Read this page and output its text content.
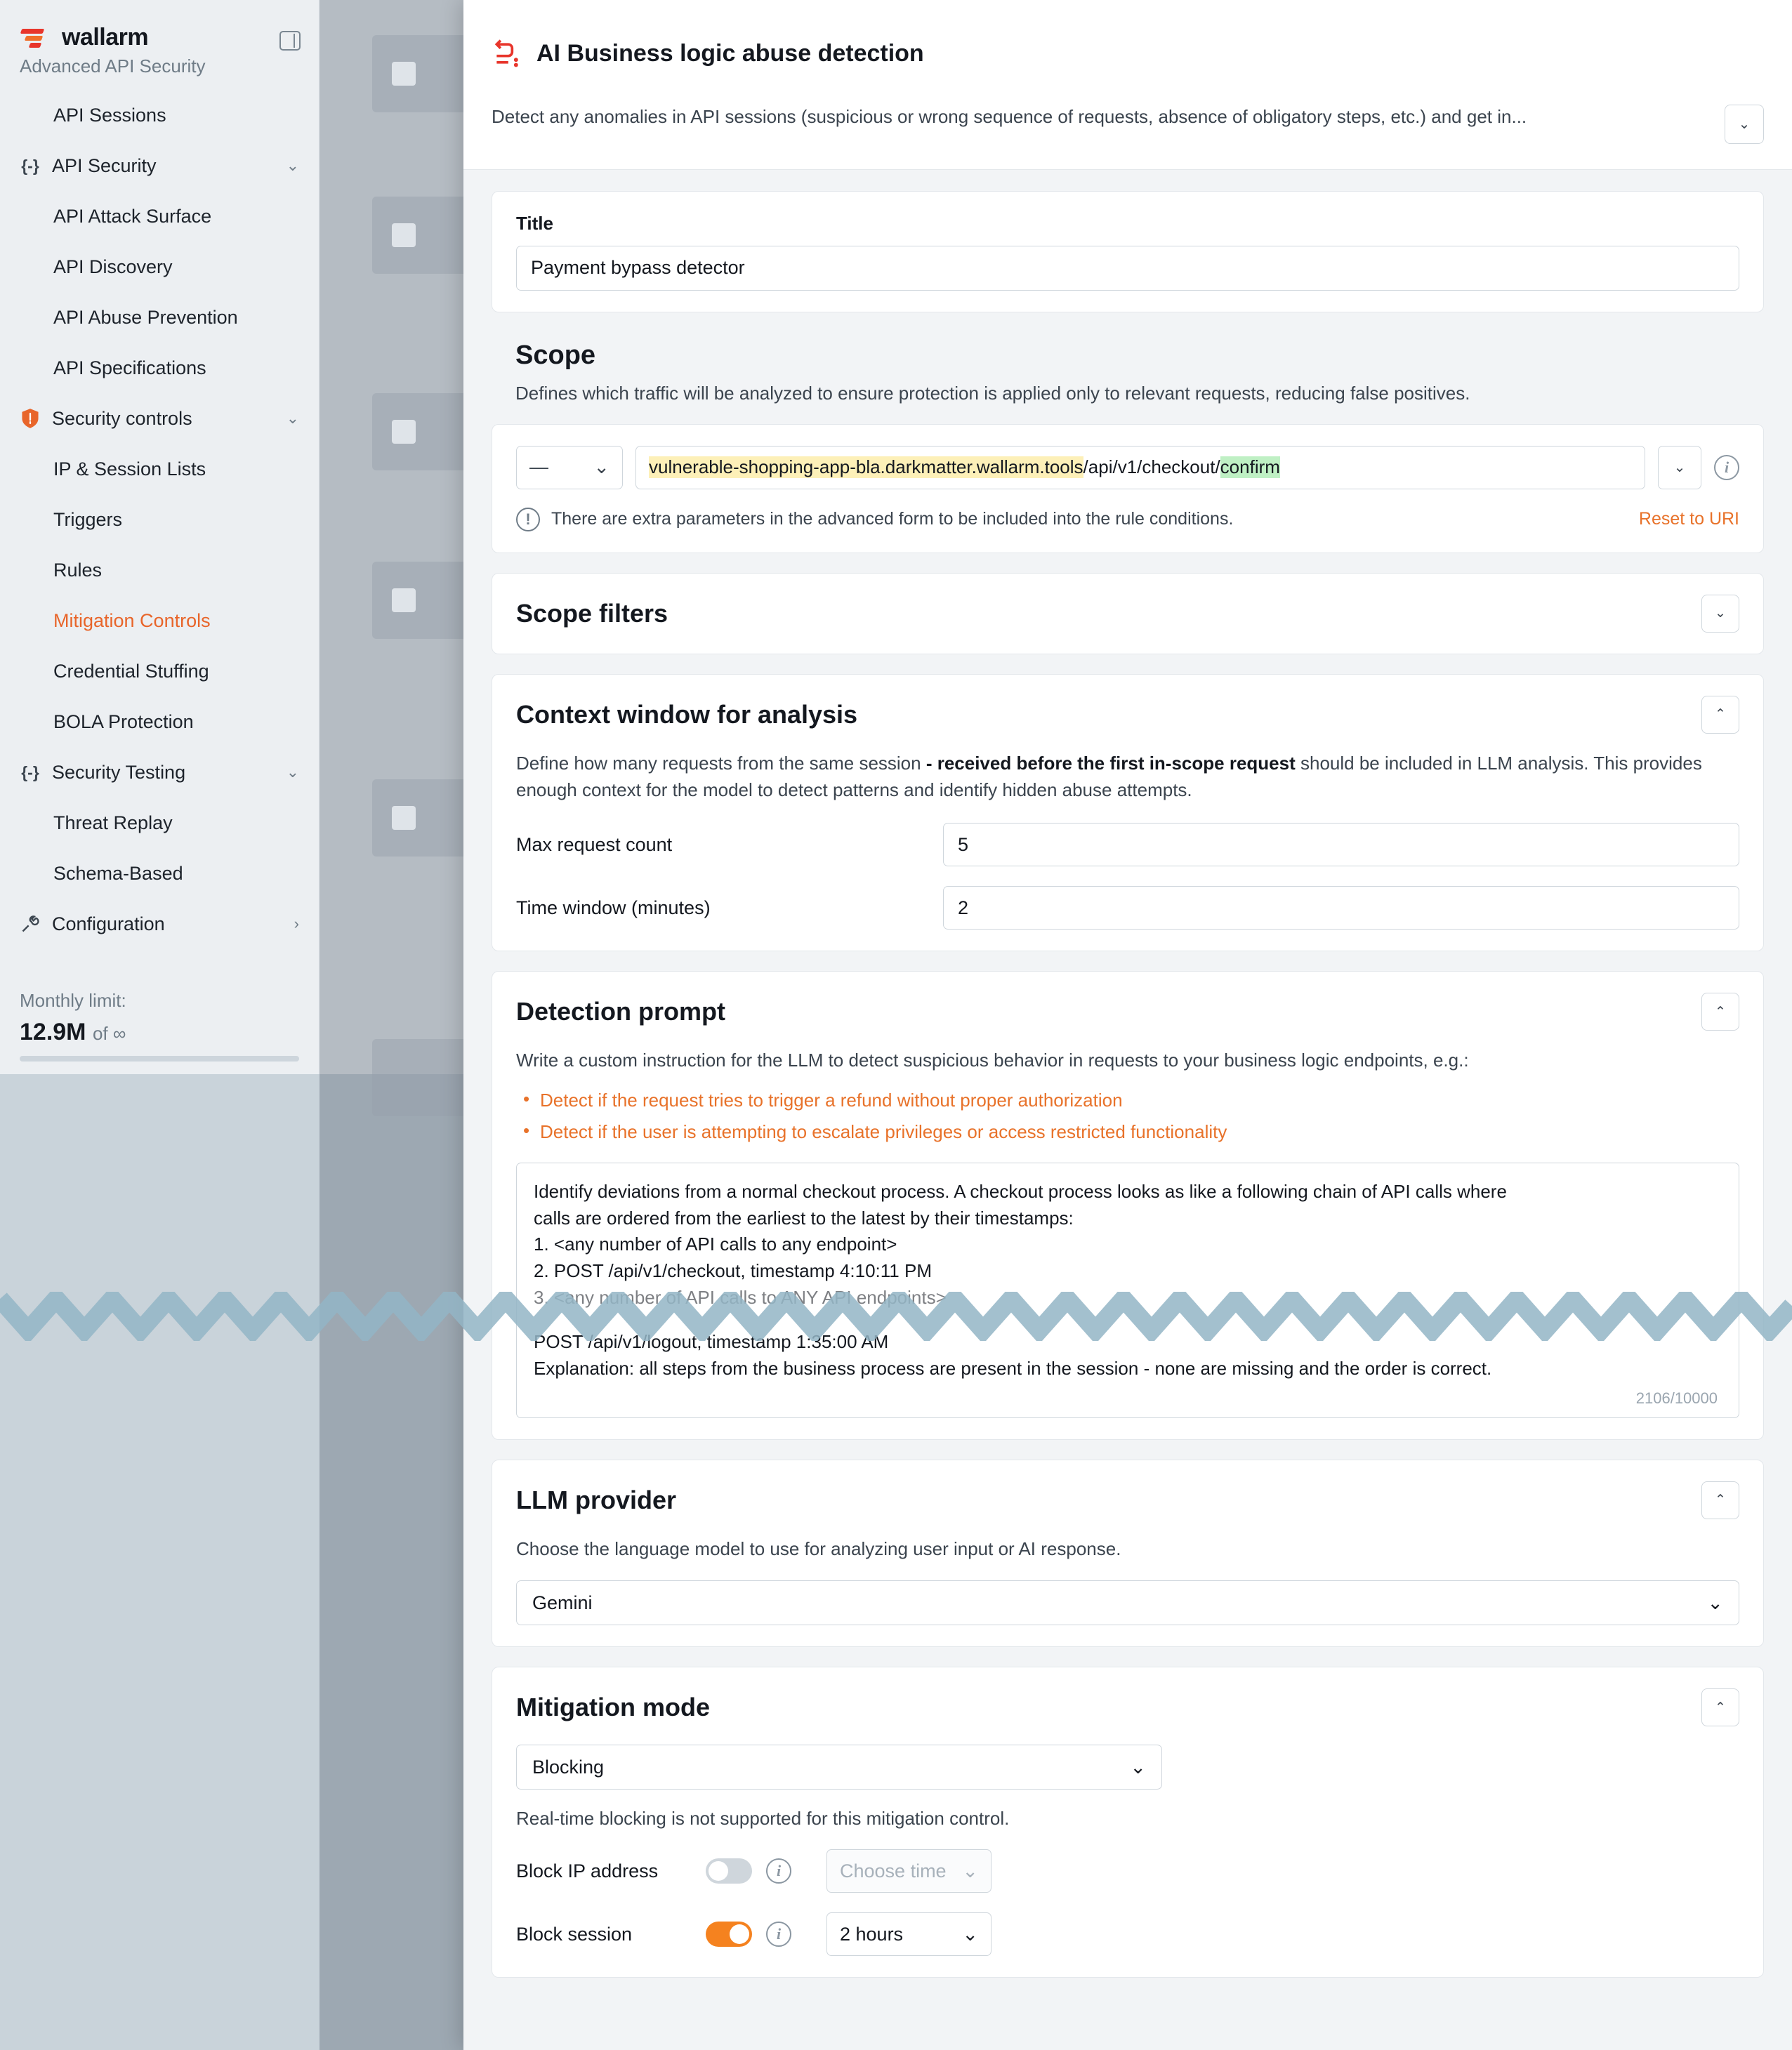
wallarm
Advanced API Security
API Sessions
{-} API Security	⌄
API Attack Surface
API Discovery
API Abuse Prevention
API Specifications
Security controls	⌄
IP & Session Lists
Triggers
Rules
Mitigation Controls
Credential Stuffing
BOLA Protection
{-} Security Testing	⌄
Threat Replay
Schema-Based
Configuration	›
Monthly limit:
12.9M of ∞
AI Business logic abuse detection
Detect any anomalies in API sessions (suspicious or wrong sequence of requests, absence of obligatory steps, etc.) and get in...	⌄
Title
Payment bypass detector
Scope
Defines which traffic will be analyzed to ensure protection is applied only to relevant requests, reducing false positives.
— ⌄ vulnerable-shopping-app-bla.darkmatter.wallarm.tools /api/v1/checkout/ confirm	⌄	i
!	There are extra parameters in the advanced form to be included into the rule conditions.	Reset to URI
Scope filters	⌄
Context window for analysis	⌃
Define how many requests from the same session - received before the first in-scope request should be included in LLM analysis. This provides enough context for the model to detect patterns and identify hidden abuse attempts.
Max request count
5
Time window (minutes)
2
Detection prompt	⌃
Write a custom instruction for the LLM to detect suspicious behavior in requests to your business logic endpoints, e.g.:
• Detect if the request tries to trigger a refund without proper authorization
• Detect if the user is attempting to escalate privileges or access restricted functionality
Identify deviations from a normal checkout process. A checkout process looks as like a following chain of API calls where
calls are ordered from the earliest to the latest by their timestamps:
1. <any number of API calls to any endpoint>
2. POST /api/v1/checkout, timestamp 4:10:11 PM
3. <any number of API calls to ANY API endpoints>
POST /api/v1/logout, timestamp 1:35:00 AM
Explanation: all steps from the business process are present in the session - none are missing and the order is correct.
2106/10000
LLM provider	⌃
Choose the language model to use for analyzing user input or AI response.
Gemini	⌄
Mitigation mode	⌃
Blocking	⌄
Real-time blocking is not supported for this mitigation control.
Block IP address	i	Choose time ⌄
Block session	i	2 hours	⌄
